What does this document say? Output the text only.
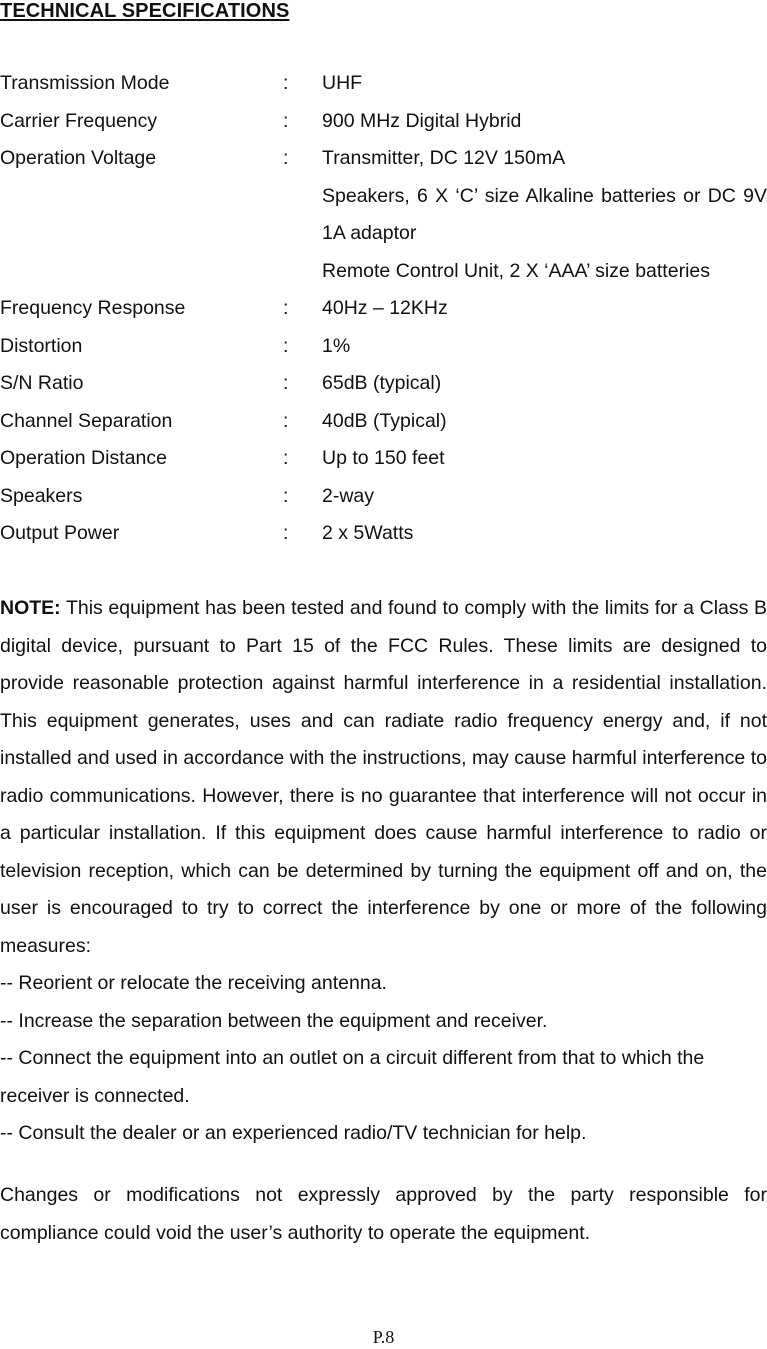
TECHNICAL SPECIFICATIONS
Transmission Mode	: UHF
Carrier Frequency	: 900 MHz Digital Hybrid
Operation Voltage	: Transmitter, DC 12V 150mA
Speakers, 6 X ‘C’ size Alkaline batteries or DC 9V 1A adaptor
Remote Control Unit, 2 X ‘AAA’ size batteries
Frequency Response	: 40Hz – 12KHz
Distortion	: 1%
S/N Ratio	: 65dB (typical)
Channel Separation	: 40dB (Typical)
Operation Distance	: Up to 150 feet
Speakers	: 2-way
Output Power	: 2 x 5Watts

NOTE: This equipment has been tested and found to comply with the limits for a Class B digital device, pursuant to Part 15 of the FCC Rules. These limits are designed to provide reasonable protection against harmful interference in a residential installation. This equipment generates, uses and can radiate radio frequency energy and, if not installed and used in accordance with the instructions, may cause harmful interference to radio communications. However, there is no guarantee that interference will not occur in a particular installation. If this equipment does cause harmful interference to radio or television reception, which can be determined by turning the equipment off and on, the user is encouraged to try to correct the interference by one or more of the following measures:

-- Reorient or relocate the receiving antenna.
-- Increase the separation between the equipment and receiver.
-- Connect the equipment into an outlet on a circuit different from that to which the receiver is connected.
-- Consult the dealer or an experienced radio/TV technician for help.

Changes or modifications not expressly approved by the party responsible for compliance could void the user’s authority to operate the equipment.

P.8
